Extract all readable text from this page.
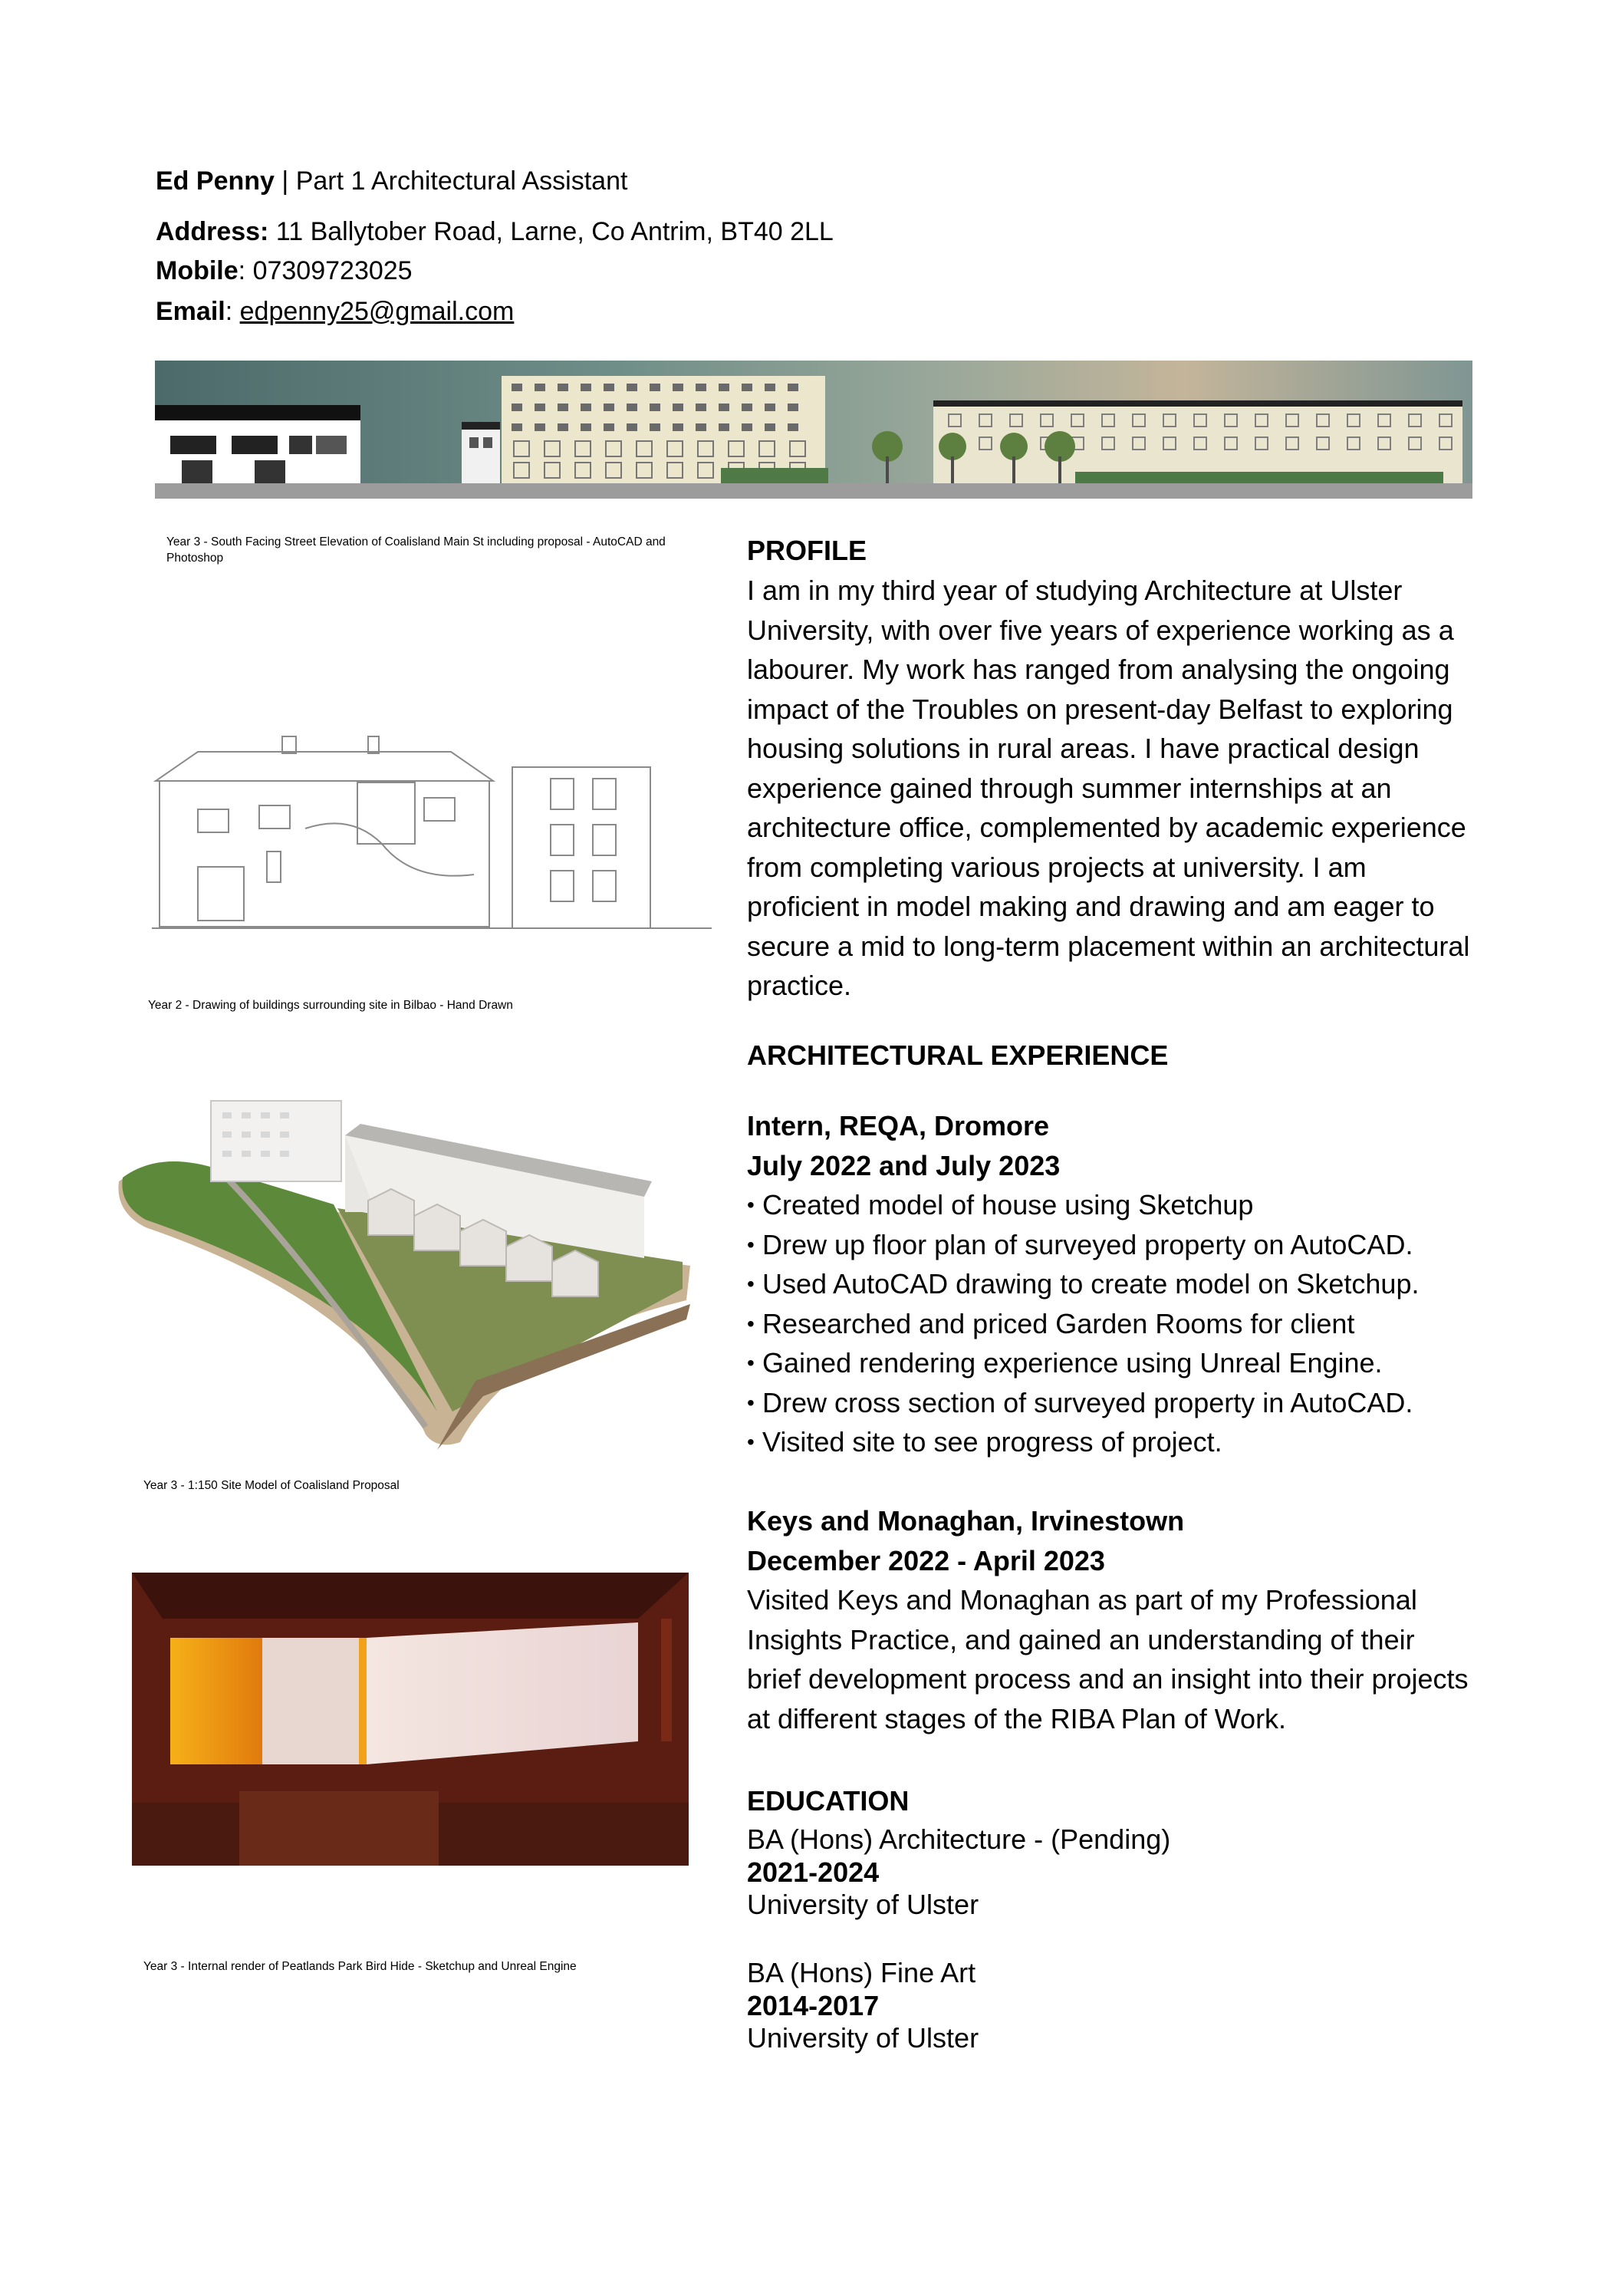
Ed Penny | Part 1 Architectural Assistant
Address: 11 Ballytober Road, Larne, Co Antrim, BT40 2LL
Mobile: 07309723025
Email: edpenny25@gmail.com
Year 3 - South Facing Street Elevation of Coalisland Main St including proposal - AutoCAD and Photoshop
Year 2 - Drawing of buildings surrounding site in Bilbao - Hand Drawn
Year 3 - 1:150 Site Model of Coalisland Proposal
Year 3 - Internal render of Peatlands Park Bird Hide - Sketchup and Unreal Engine
PROFILE
I am in my third year of studying Architecture at Ulster University, with over five years of experience working as a labourer. My work has ranged from analysing the ongoing impact of the Troubles on present-day Belfast to exploring housing solutions in rural areas. I have practical design experience gained through summer internships at an architecture office, complemented by academic experience from completing various projects at university. I am proficient in model making and drawing and am eager to secure a mid to long-term placement within an architectural practice.
ARCHITECTURAL EXPERIENCE
Intern, REQA, Dromore
July 2022 and July 2023
• Created model of house using Sketchup
• Drew up floor plan of surveyed property on AutoCAD.
• Used AutoCAD drawing to create model on Sketchup.
• Researched and priced Garden Rooms for client
• Gained rendering experience using Unreal Engine.
• Drew cross section of surveyed property in AutoCAD.
• Visited site to see progress of project.
Keys and Monaghan, Irvinestown
December 2022 - April 2023
Visited Keys and Monaghan as part of my Professional Insights Practice, and gained an understanding of their brief development process and an insight into their projects at different stages of the RIBA Plan of Work.
EDUCATION
BA (Hons) Architecture - (Pending)
2021-2024
University of Ulster
BA (Hons) Fine Art
2014-2017
University of Ulster
